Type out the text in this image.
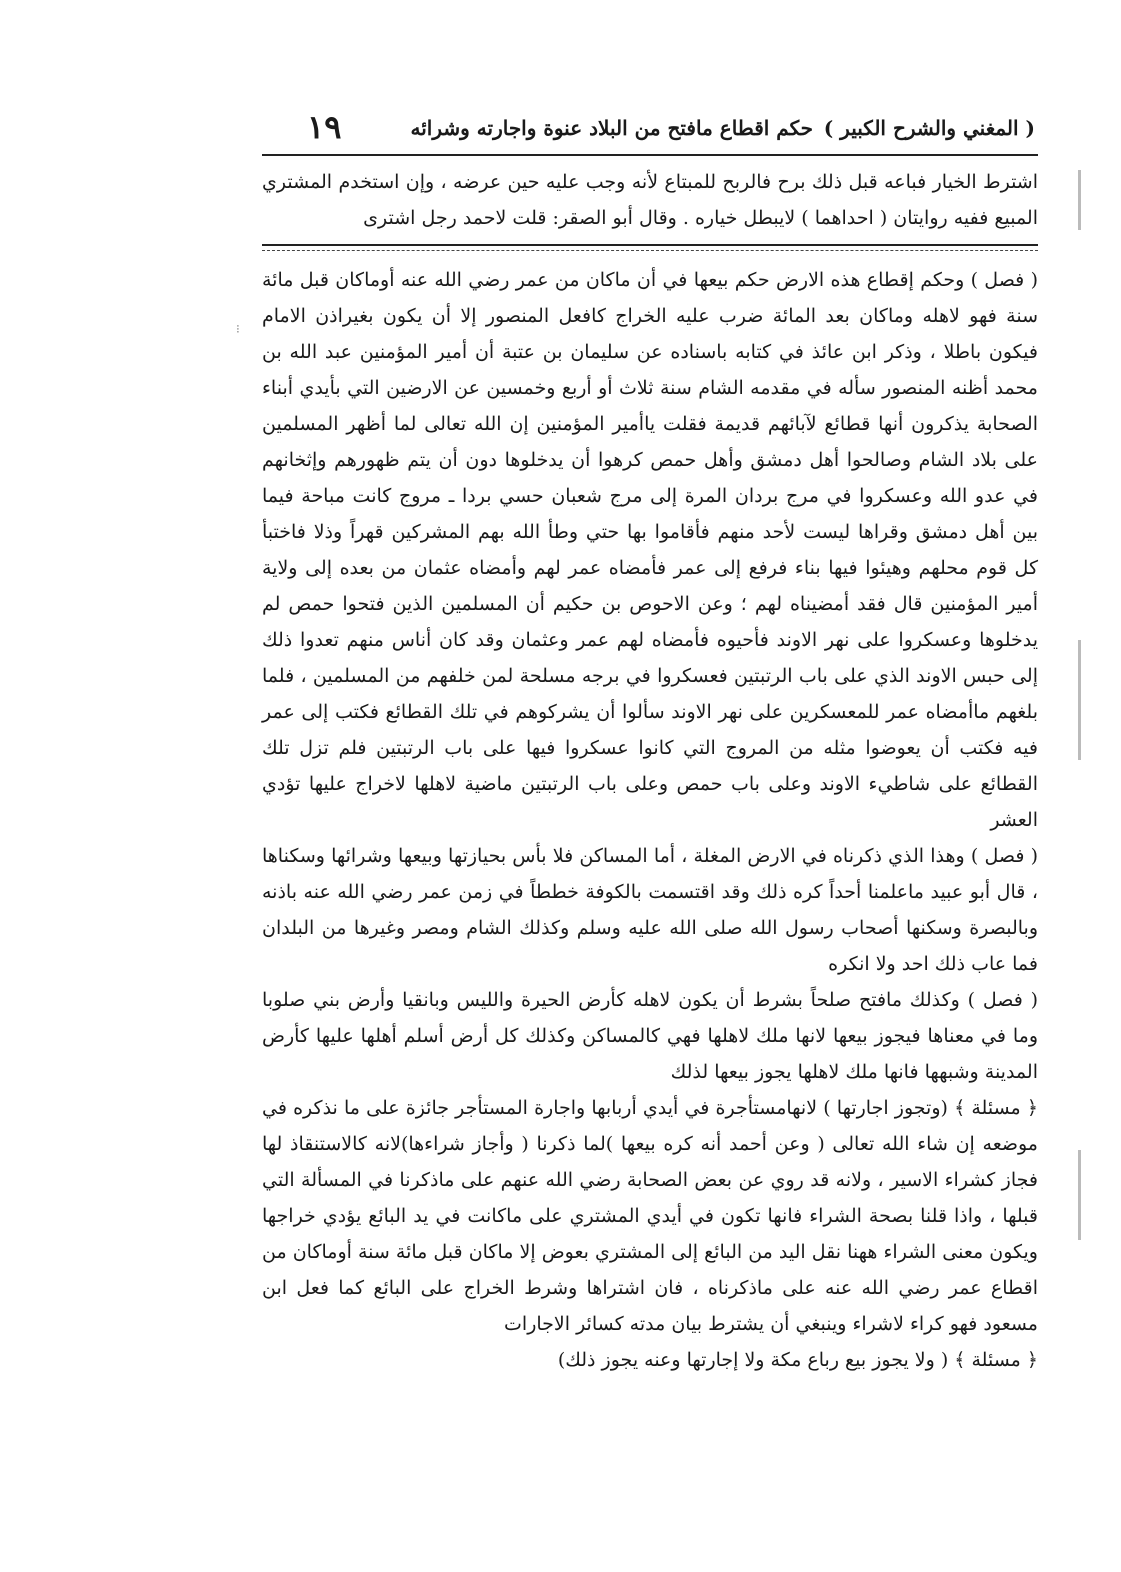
( المغني والشرح الكبير )
حكم اقطاع مافتح من البلاد عنوة واجارته وشرائه
١٩

اشترط الخيار فباعه قبل ذلك برح فالربح للمبتاع لأنه وجب عليه حين عرضه ، وإن استخدم المشتري المبيع ففيه روايتان ( احداهما ) لايبطل خياره . وقال أبو الصقر: قلت لاحمد رجل اشترى

⁝

( فصل ) وحكم إقطاع هذه الارض حكم بيعها في أن ماكان من عمر رضي الله عنه أوماكان قبل مائة سنة فهو لاهله وماكان بعد المائة ضرب عليه الخراج كافعل المنصور إلا أن يكون بغيراذن الامام فيكون باطلا ، وذكر ابن عائذ في كتابه باسناده عن سليمان بن عتبة أن أمير المؤمنين عبد الله بن محمد أظنه المنصور سأله في مقدمه الشام سنة ثلاث أو أربع وخمسين عن الارضين التي بأيدي أبناء الصحابة يذكرون أنها قطائع لآبائهم قديمة فقلت ياأمير المؤمنين إن الله تعالى لما أظهر المسلمين على بلاد الشام وصالحوا أهل دمشق وأهل حمص كرهوا أن يدخلوها دون أن يتم ظهورهم وإثخانهم في عدو الله وعسكروا في مرج بردان المرة إلى مرج شعبان حسي بردا ـ مروج كانت مباحة فيما بين أهل دمشق وقراها ليست لأحد منهم فأقاموا بها حتي وطأ الله بهم المشركين قهراً وذلا فاختبأ كل قوم محلهم وهيئوا فيها بناء فرفع إلى عمر فأمضاه عمر لهم وأمضاه عثمان من بعده إلى ولاية أمير المؤمنين قال فقد أمضيناه لهم ؛ وعن الاحوص بن حكيم أن المسلمين الذين فتحوا حمص لم يدخلوها وعسكروا على نهر الاوند فأحيوه فأمضاه لهم عمر وعثمان وقد كان أناس منهم تعدوا ذلك إلى حبس الاوند الذي على باب الرتبتين فعسكروا في برجه مسلحة لمن خلفهم من المسلمين ، فلما بلغهم ماأمضاه عمر للمعسكرين على نهر الاوند سألوا أن يشركوهم في تلك القطائع فكتب إلى عمر فيه فكتب أن يعوضوا مثله من المروج التي كانوا عسكروا فيها على باب الرتبتين فلم تزل تلك القطائع على شاطيء الاوند وعلى باب حمص وعلى باب الرتبتين ماضية لاهلها لاخراج عليها تؤدي العشر

( فصل ) وهذا الذي ذكرناه في الارض المغلة ، أما المساكن فلا بأس بحيازتها وبيعها وشرائها وسكناها ، قال أبو عبيد ماعلمنا أحداً كره ذلك وقد اقتسمت بالكوفة خططاً في زمن عمر رضي الله عنه باذنه وبالبصرة وسكنها أصحاب رسول الله صلى الله عليه وسلم وكذلك الشام ومصر وغيرها من البلدان فما عاب ذلك احد ولا انكره

( فصل ) وكذلك مافتح صلحاً بشرط أن يكون لاهله كأرض الحيرة والليس وبانقيا وأرض بني صلوبا وما في معناها فيجوز بيعها لانها ملك لاهلها فهي كالمساكن وكذلك كل أرض أسلم أهلها عليها كأرض المدينة وشبهها فانها ملك لاهلها يجوز بيعها لذلك

﴿ مسئلة ﴾ (وتجوز اجارتها ) لانهامستأجرة في أيدي أربابها واجارة المستأجر جائزة على ما نذكره في موضعه إن شاء الله تعالى ( وعن أحمد أنه كره بيعها )لما ذكرنا ( وأجاز شراءها)لانه كالاستنقاذ لها فجاز كشراء الاسير ، ولانه قد روي عن بعض الصحابة رضي الله عنهم على ماذكرنا في المسألة التي قبلها ، واذا قلنا بصحة الشراء فانها تكون في أيدي المشتري على ماكانت في يد البائع يؤدي خراجها ويكون معنى الشراء ههنا نقل اليد من البائع إلى المشتري بعوض إلا ماكان قبل مائة سنة أوماكان من اقطاع عمر رضي الله عنه على ماذكرناه ، فان اشتراها وشرط الخراج على البائع كما فعل ابن مسعود فهو كراء لاشراء وينبغي أن يشترط بيان مدته كسائر الاجارات

﴿ مسئلة ﴾ ( ولا يجوز بيع رباع مكة ولا إجارتها وعنه يجوز ذلك)
